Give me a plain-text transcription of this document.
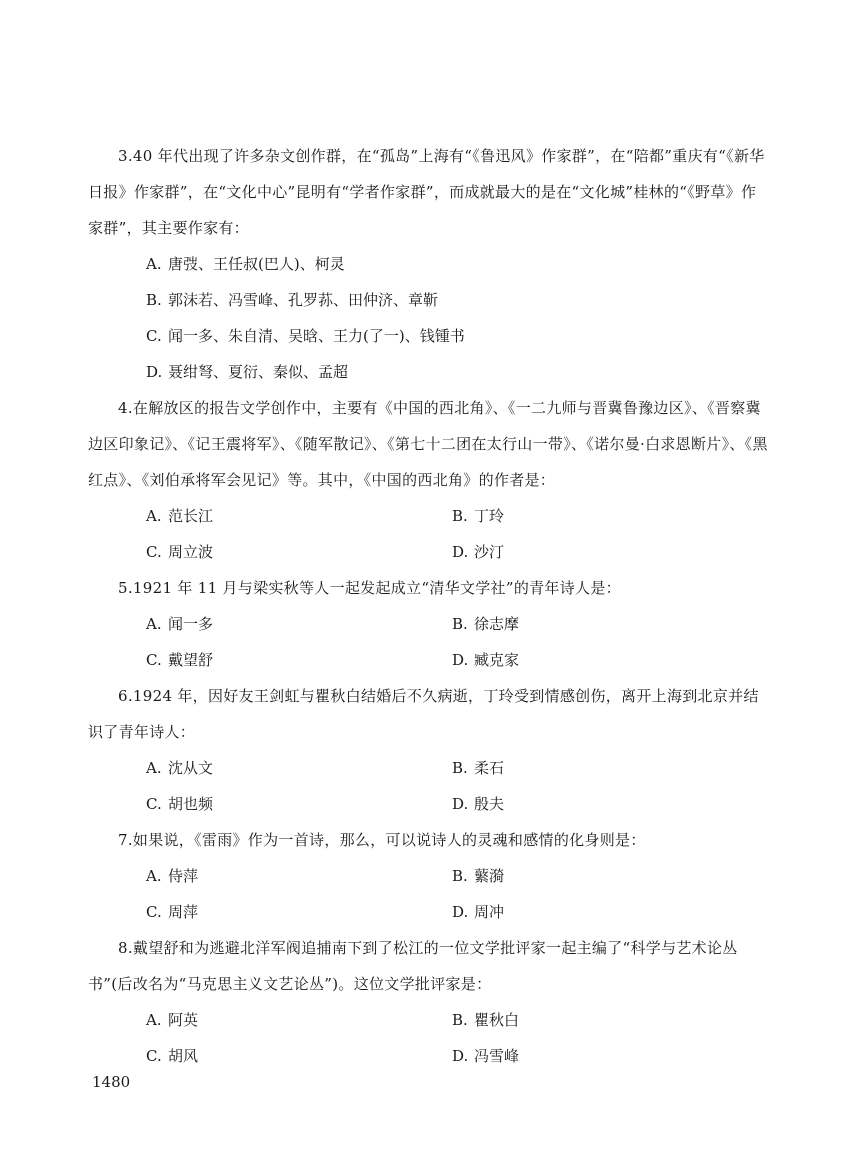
3.40 年代出现了许多杂文创作群，在“孤岛”上海有“《鲁迅风》作家群”，在“陪都”重庆有“《新华日报》作家群”，在“文化中心”昆明有“学者作家群”，而成就最大的是在“文化城”桂林的“《野草》作家群”，其主要作家有：

A. 唐弢、王任叔(巴人)、柯灵
B. 郭沫若、冯雪峰、孔罗荪、田仲济、章靳
C. 闻一多、朱自清、吴晗、王力(了一)、钱锺书
D. 聂绀弩、夏衍、秦似、孟超

4.在解放区的报告文学创作中，主要有《中国的西北角》、《一二九师与晋冀鲁豫边区》、《晋察冀边区印象记》、《记王震将军》、《随军散记》、《第七十二团在太行山一带》、《诺尔曼·白求恩断片》、《黑红点》、《刘伯承将军会见记》等。其中，《中国的西北角》的作者是：

A. 范长江	B. 丁玲
C. 周立波	D. 沙汀

5.1921 年 11 月与梁实秋等人一起发起成立“清华文学社”的青年诗人是：

A. 闻一多	B. 徐志摩
C. 戴望舒	D. 臧克家

6.1924 年，因好友王剑虹与瞿秋白结婚后不久病逝，丁玲受到情感创伤，离开上海到北京并结识了青年诗人：

A. 沈从文	B. 柔石
C. 胡也频	D. 殷夫

7.如果说，《雷雨》作为一首诗，那么，可以说诗人的灵魂和感情的化身则是：

A. 侍萍	B. 蘩漪
C. 周萍	D. 周冲

8.戴望舒和为逃避北洋军阀追捕南下到了松江的一位文学批评家一起主编了“科学与艺术论丛书”(后改名为“马克思主义文艺论丛”)。这位文学批评家是：

A. 阿英	B. 瞿秋白
C. 胡风	D. 冯雪峰
1480
